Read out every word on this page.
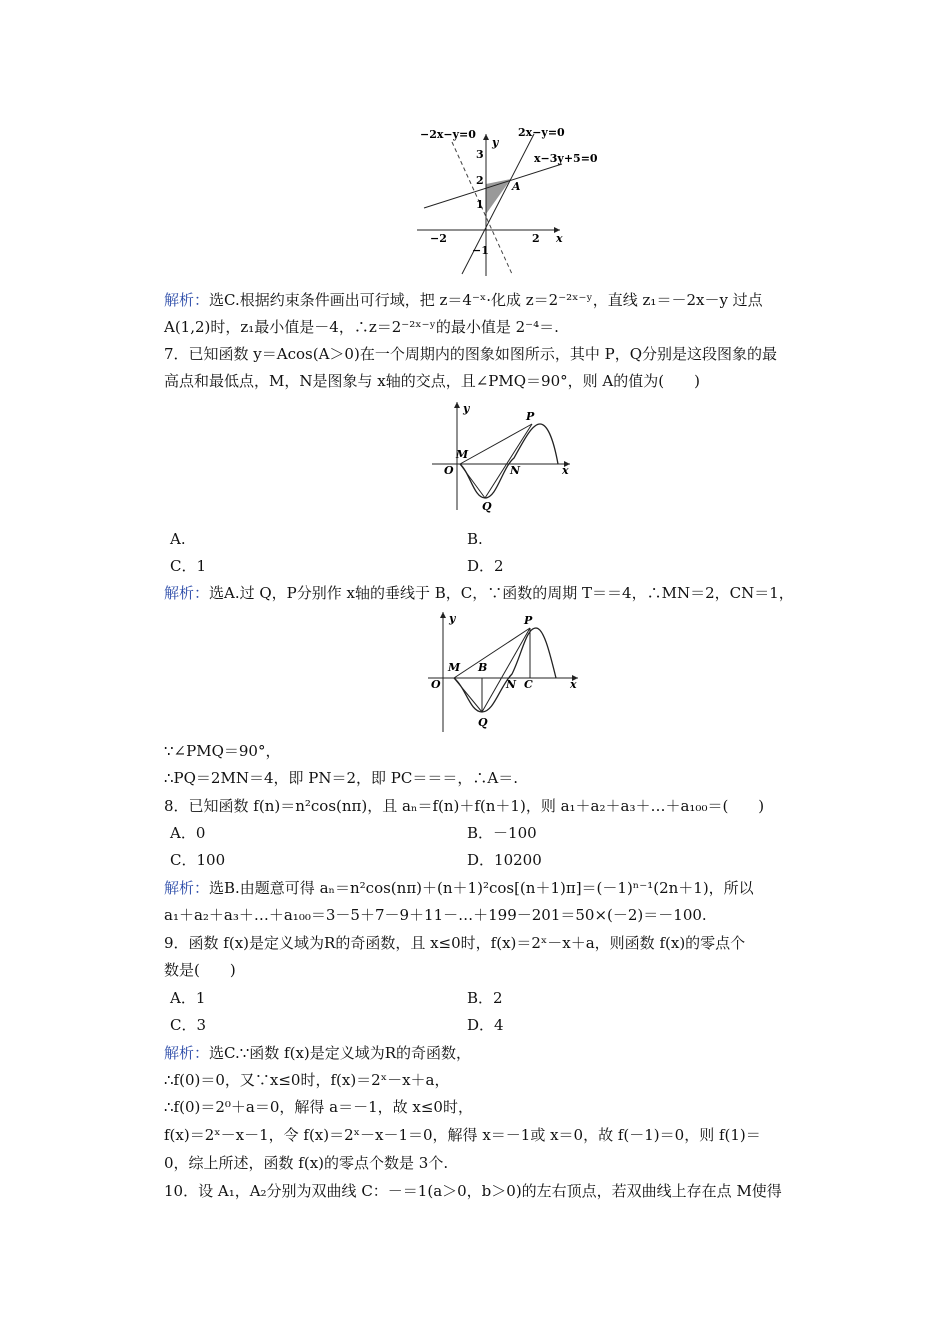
−2x−y=0	2x−y=0
x−3y+5=0
y
x
A
3
2
1
−1
−2	2
解析：选C.根据约束条件画出可行域，把 z＝4⁻ˣ·化成 z＝2⁻²ˣ⁻ʸ，直线 z₁＝－2x－y 过点
A(1,2)时，z₁最小值是－4，∴z＝2⁻²ˣ⁻ʸ的最小值是 2⁻⁴＝.
7．已知函数 y＝Acos(A＞0)在一个周期内的图象如图所示，其中 P，Q分别是这段图象的最
高点和最低点，M，N是图象与 x轴的交点，且∠PMQ＝90°，则 A的值为(　　)
P
M
O	N
Q
x
y
A.	B.
C．1	D．2
解析：选A.过 Q，P分别作 x轴的垂线于 B，C，∵函数的周期 T＝＝4，∴MN＝2，CN＝1，
P
M B
O	N C
Q
x
y
∵∠PMQ＝90°，
∴PQ＝2MN＝4，即 PN＝2，即 PC＝＝＝，∴A＝.
8．已知函数 f(n)＝n²cos(nπ)，且 aₙ＝f(n)＋f(n＋1)，则 a₁＋a₂＋a₃＋…＋a₁₀₀＝(　　)
A．0	B．－100
C．100	D．10200
解析：选B.由题意可得 aₙ＝n²cos(nπ)＋(n＋1)²cos[(n＋1)π]＝(－1)ⁿ⁻¹(2n＋1)，所以
a₁＋a₂＋a₃＋…＋a₁₀₀＝3－5＋7－9＋11－…＋199－201＝50×(－2)＝－100.
9．函数 f(x)是定义域为R的奇函数，且 x≤0时，f(x)＝2ˣ－x＋a，则函数 f(x)的零点个
数是(　　)
A．1	B．2
C．3	D．4
解析：选C.∵函数 f(x)是定义域为R的奇函数，
∴f(0)＝0，又∵x≤0时，f(x)＝2ˣ－x＋a，
∴f(0)＝2⁰＋a＝0，解得 a＝－1，故 x≤0时，
f(x)＝2ˣ－x－1，令 f(x)＝2ˣ－x－1＝0，解得 x＝－1或 x＝0，故 f(－1)＝0，则 f(1)＝
0，综上所述，函数 f(x)的零点个数是 3个.
10．设 A₁，A₂分别为双曲线 C：－＝1(a＞0，b＞0)的左右顶点，若双曲线上存在点 M使得
